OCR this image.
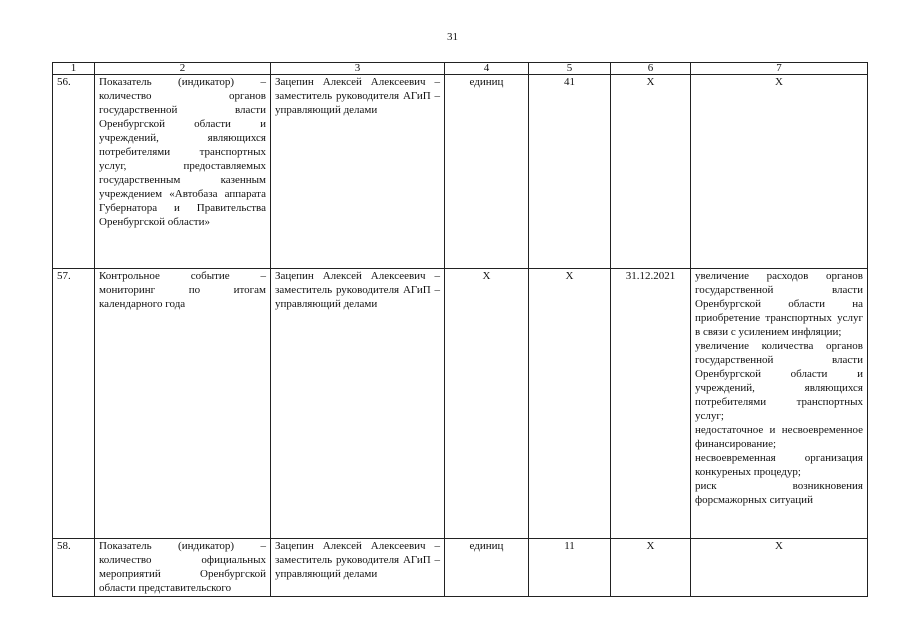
31
1	2	3	4	5	6	7
56.	Показатель (индикатор) – количество органов государственной власти Оренбургской области и учреждений, являющихся потребителями транспортных услуг, предоставляемых государственным казенным учреждением «Автобаза аппарата Губернатора и Правительства Оренбургской области»	Зацепин Алексей Алексеевич – заместитель руководителя АГиП – управляющий делами	единиц	41	Х	Х

57.	Контрольное событие – мониторинг по итогам календарного года	Зацепин Алексей Алексеевич – заместитель руководителя АГиП – управляющий делами	Х	Х	31.12.2021	увеличение расходов органов государственной власти Оренбургской области на приобретение транспортных услуг в связи с усилением инфляции;
увеличение количества органов государственной власти Оренбургской области и учреждений, являющихся потребителями транспортных услуг;
недостаточное и несвоевременное финансирование;
несвоевременная организация конкуреных процедур;
риск возникновения форсмажорных ситуаций

58.	Показатель (индикатор) – количество официальных мероприятий Оренбургской области представительского	Зацепин Алексей Алексеевич – заместитель руководителя АГиП – управляющий делами	единиц	11	Х	Х
